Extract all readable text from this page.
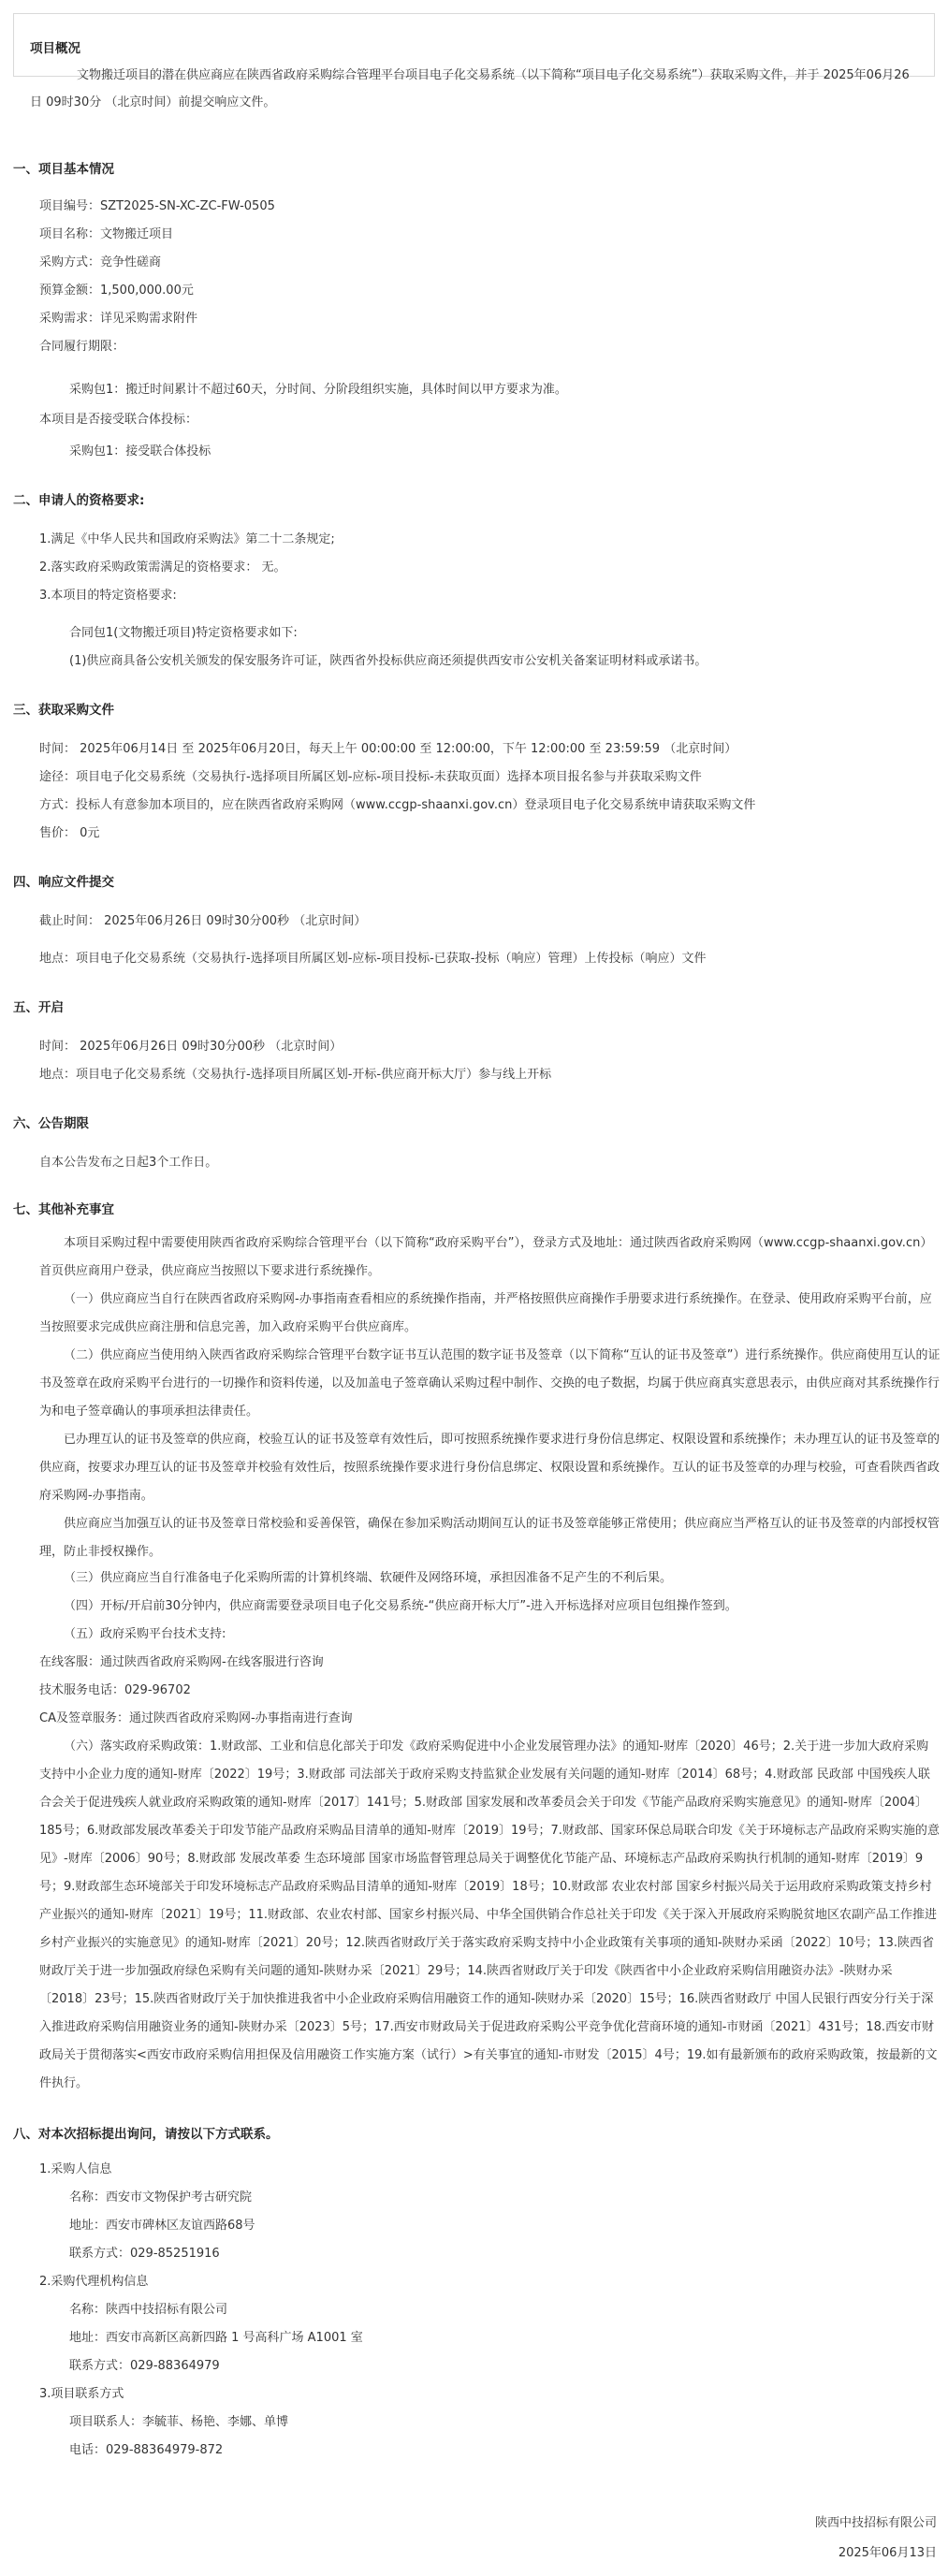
项目概况

文物搬迁项目的潜在供应商应在陕西省政府采购综合管理平台项目电子化交易系统（以下简称“项目电子化交易系统”）获取采购文件，并于 2025年06月26日 09时30分 （北京时间）前提交响应文件。

一、项目基本情况

项目编号：SZT2025-SN-XC-ZC-FW-0505

项目名称：文物搬迁项目

采购方式：竞争性磋商

预算金额：1,500,000.00元

采购需求：详见采购需求附件

合同履行期限：

采购包1：搬迁时间累计不超过60天，分时间、分阶段组织实施，具体时间以甲方要求为准。

本项目是否接受联合体投标：

采购包1：接受联合体投标

二、申请人的资格要求:

1.满足《中华人民共和国政府采购法》第二十二条规定;

2.落实政府采购政策需满足的资格要求： 无。

3.本项目的特定资格要求:

合同包1(文物搬迁项目)特定资格要求如下:

(1)供应商具备公安机关颁发的保安服务许可证，陕西省外投标供应商还须提供西安市公安机关备案证明材料或承诺书。

三、获取采购文件

时间： 2025年06月14日 至 2025年06月20日，每天上午 00:00:00 至 12:00:00，下午 12:00:00 至 23:59:59 （北京时间）

途径：项目电子化交易系统（交易执行-选择项目所属区划-应标-项目投标-未获取页面）选择本项目报名参与并获取采购文件

方式：投标人有意参加本项目的，应在陕西省政府采购网（www.ccgp-shaanxi.gov.cn）登录项目电子化交易系统申请获取采购文件

售价： 0元

四、响应文件提交

截止时间： 2025年06月26日 09时30分00秒 （北京时间）

地点：项目电子化交易系统（交易执行-选择项目所属区划-应标-项目投标-已获取-投标（响应）管理）上传投标（响应）文件

五、开启

时间： 2025年06月26日 09时30分00秒 （北京时间）

地点：项目电子化交易系统（交易执行-选择项目所属区划-开标-供应商开标大厅）参与线上开标

六、公告期限

自本公告发布之日起3个工作日。

七、其他补充事宜

本项目采购过程中需要使用陕西省政府采购综合管理平台（以下简称“政府采购平台”），登录方式及地址：通过陕西省政府采购网（www.ccgp-shaanxi.gov.cn）首页供应商用户登录，供应商应当按照以下要求进行系统操作。

（一）供应商应当自行在陕西省政府采购网-办事指南查看相应的系统操作指南，并严格按照供应商操作手册要求进行系统操作。在登录、使用政府采购平台前，应当按照要求完成供应商注册和信息完善，加入政府采购平台供应商库。

（二）供应商应当使用纳入陕西省政府采购综合管理平台数字证书互认范围的数字证书及签章（以下简称“互认的证书及签章”）进行系统操作。供应商使用互认的证书及签章在政府采购平台进行的一切操作和资料传递，以及加盖电子签章确认采购过程中制作、交换的电子数据，均属于供应商真实意思表示，由供应商对其系统操作行为和电子签章确认的事项承担法律责任。

已办理互认的证书及签章的供应商，校验互认的证书及签章有效性后，即可按照系统操作要求进行身份信息绑定、权限设置和系统操作；未办理互认的证书及签章的供应商，按要求办理互认的证书及签章并校验有效性后，按照系统操作要求进行身份信息绑定、权限设置和系统操作。互认的证书及签章的办理与校验，可查看陕西省政府采购网-办事指南。

供应商应当加强互认的证书及签章日常校验和妥善保管，确保在参加采购活动期间互认的证书及签章能够正常使用；供应商应当严格互认的证书及签章的内部授权管理，防止非授权操作。

（三）供应商应当自行准备电子化采购所需的计算机终端、软硬件及网络环境，承担因准备不足产生的不利后果。

（四）开标/开启前30分钟内，供应商需要登录项目电子化交易系统-“供应商开标大厅”-进入开标选择对应项目包组操作签到。

（五）政府采购平台技术支持:

在线客服：通过陕西省政府采购网-在线客服进行咨询

技术服务电话：029-96702

CA及签章服务：通过陕西省政府采购网-办事指南进行查询

（六）落实政府采购政策：1.财政部、工业和信息化部关于印发《政府采购促进中小企业发展管理办法》的通知-财库〔2020〕46号；2.关于进一步加大政府采购支持中小企业力度的通知-财库〔2022〕19号；3.财政部 司法部关于政府采购支持监狱企业发展有关问题的通知-财库〔2014〕68号；4.财政部 民政部 中国残疾人联合会关于促进残疾人就业政府采购政策的通知-财库〔2017〕141号；5.财政部 国家发展和改革委员会关于印发《节能产品政府采购实施意见》的通知-财库〔2004〕185号；6.财政部发展改革委关于印发节能产品政府采购品目清单的通知-财库〔2019〕19号；7.财政部、国家环保总局联合印发《关于环境标志产品政府采购实施的意见》-财库〔2006〕90号；8.财政部 发展改革委 生态环境部 国家市场监督管理总局关于调整优化节能产品、环境标志产品政府采购执行机制的通知-财库〔2019〕9号；9.财政部生态环境部关于印发环境标志产品政府采购品目清单的通知-财库〔2019〕18号；10.财政部 农业农村部 国家乡村振兴局关于运用政府采购政策支持乡村产业振兴的通知-财库〔2021〕19号；11.财政部、农业农村部、国家乡村振兴局、中华全国供销合作总社关于印发《关于深入开展政府采购脱贫地区农副产品工作推进乡村产业振兴的实施意见》的通知-财库〔2021〕20号；12.陕西省财政厅关于落实政府采购支持中小企业政策有关事项的通知-陕财办采函〔2022〕10号；13.陕西省财政厅关于进一步加强政府绿色采购有关问题的通知-陕财办采〔2021〕29号；14.陕西省财政厅关于印发《陕西省中小企业政府采购信用融资办法》-陕财办采〔2018〕23号；15.陕西省财政厅关于加快推进我省中小企业政府采购信用融资工作的通知-陕财办采〔2020〕15号；16.陕西省财政厅 中国人民银行西安分行关于深入推进政府采购信用融资业务的通知-陕财办采〔2023〕5号；17.西安市财政局关于促进政府采购公平竞争优化营商环境的通知-市财函〔2021〕431号；18.西安市财政局关于贯彻落实<西安市政府采购信用担保及信用融资工作实施方案（试行）>有关事宜的通知-市财发〔2015〕4号；19.如有最新颁布的政府采购政策，按最新的文件执行。

八、对本次招标提出询问，请按以下方式联系。

1.采购人信息

名称：西安市文物保护考古研究院

地址：西安市碑林区友谊西路68号

联系方式：029-85251916

2.采购代理机构信息

名称：陕西中技招标有限公司

地址：西安市高新区高新四路 1 号高科广场 A1001 室

联系方式：029-88364979

3.项目联系方式

项目联系人：李毓菲、杨艳、李娜、单博

电话：029-88364979-872

陕西中技招标有限公司

2025年06月13日
